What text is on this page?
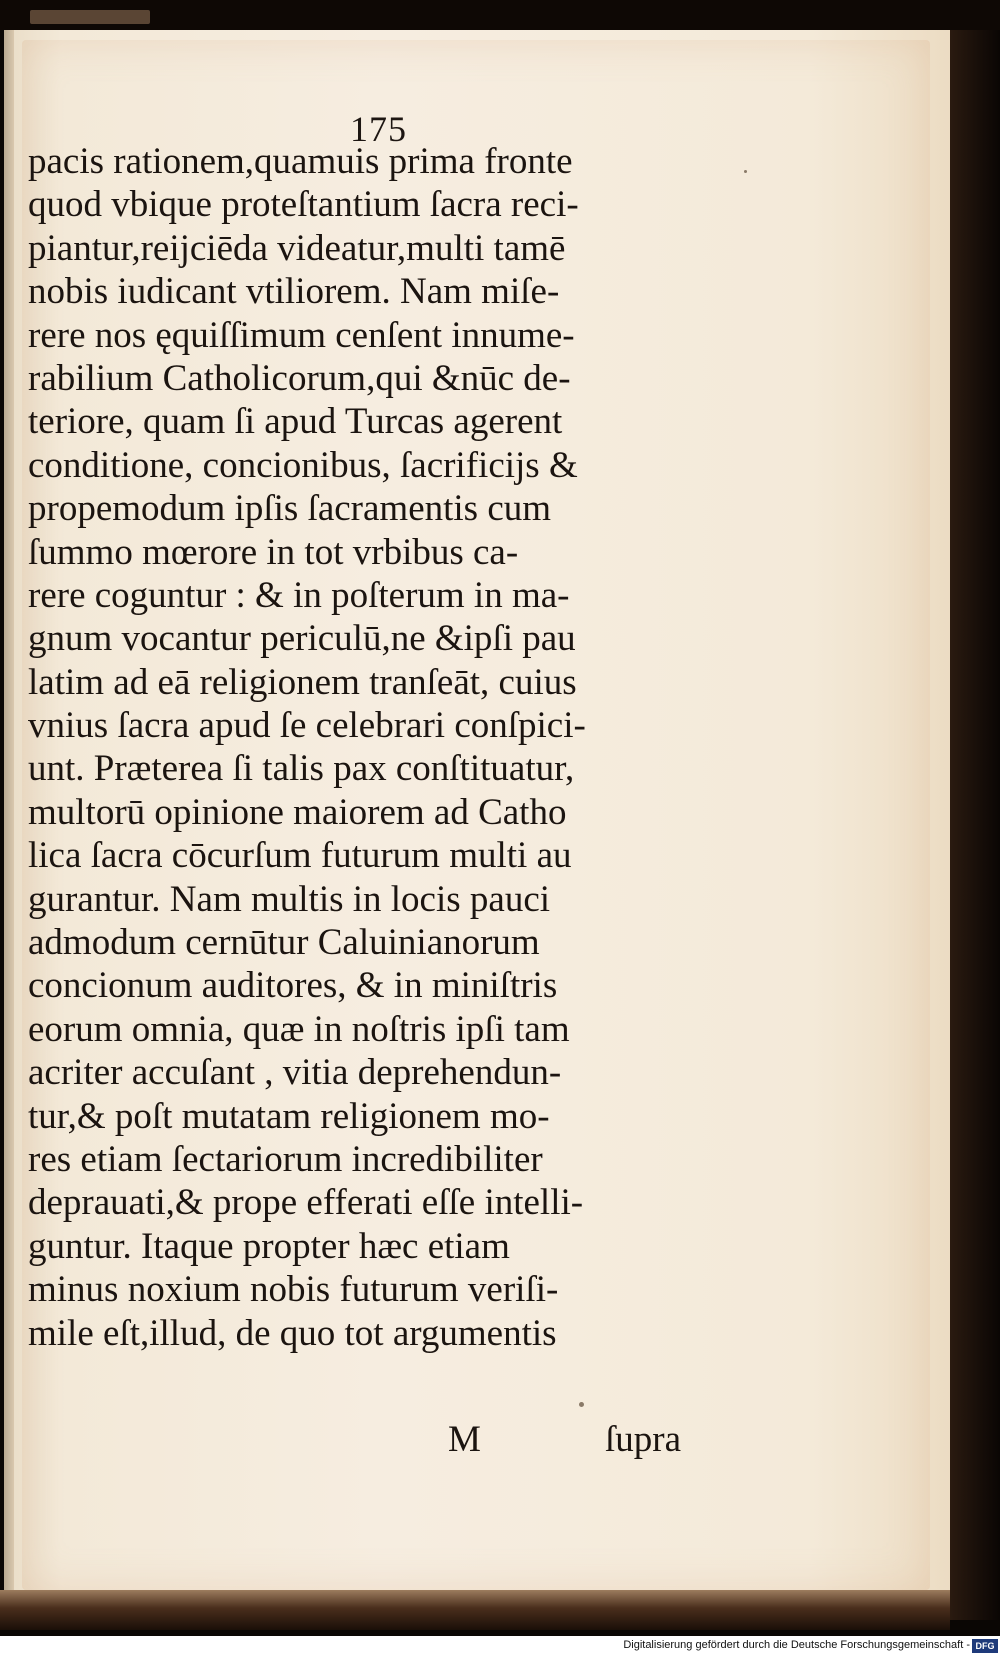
175
pacis rationem,quamuis prima fronte
quod vbique proteſtantium ſacra reci-
piantur,reijciēda videatur,multi tamē
nobis iudicant vtiliorem. Nam miſe-
rere nos ęquiſſimum cenſent innume-
rabilium Catholicorum,qui &nūc de-
teriore, quam ſi apud Turcas agerent
conditione, concionibus, ſacrificijs &
propemodum ipſis ſacramentis cum
ſummo mœrore in tot vrbibus ca-
rere coguntur : & in poſterum in ma-
gnum vocantur periculū,ne &ipſi pau
latim ad eā religionem tranſeāt, cuius
vnius ſacra apud ſe celebrari conſpici-
unt. Præterea ſi talis pax conſtituatur,
multorū opinione maiorem ad Catho
lica ſacra cōcurſum futurum multi au
gurantur. Nam multis in locis pauci
admodum cernūtur Caluinianorum
concionum auditores, & in miniſtris
eorum omnia, quæ in noſtris ipſi tam
acriter accuſant , vitia deprehendun-
tur,& poſt mutatam religionem mo-
res etiam ſectariorum incredibiliter
deprauati,& prope efferati eſſe intelli-
guntur. Itaque propter hæc etiam
minus noxium nobis futurum veriſi-
mile eſt,illud, de quo tot argumentis
M	ſupra
Digitalisierung gefördert durch die Deutsche Forschungsgemeinschaft - DFG
